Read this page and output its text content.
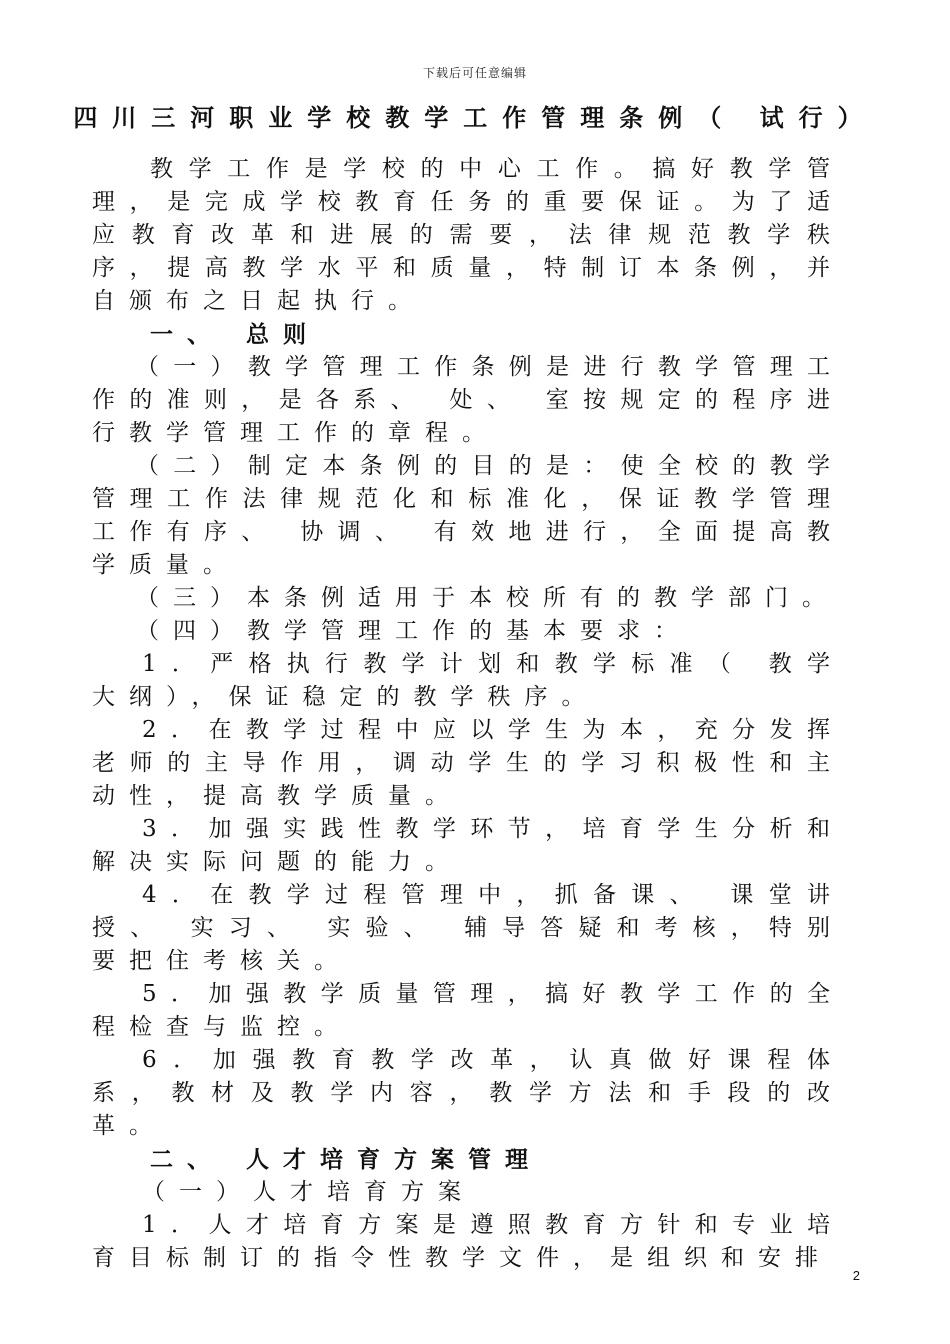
下载后可任意编辑
四川三河职业学校教学工作管理条例（ 试行）

教学工作是学校的中心工作。搞好教学管理，是完成学校教育任务的重要保证。为了适应教育改革和进展的需要，法律规范教学秩序，提高教学水平和质量，特制订本条例，并自颁布之日起执行。

一、 总则

（一）教学管理工作条例是进行教学管理工作的准则，是各系、 处、 室按规定的程序进行教学管理工作的章程。

（二）制定本条例的目的是：使全校的教学管理工作法律规范化和标准化，保证教学管理工作有序、 协调、 有效地进行，全面提高教学质量。

（三）本条例适用于本校所有的教学部门。

（四）教学管理工作的基本要求：

1．严格执行教学计划和教学标准（ 教学大纲），保证稳定的教学秩序。

2．在教学过程中应以学生为本，充分发挥老师的主导作用，调动学生的学习积极性和主动性，提高教学质量。

3．加强实践性教学环节，培育学生分析和解决实际问题的能力。

4．在教学过程管理中，抓备课、 课堂讲授、 实习、 实验、 辅导答疑和考核，特别要把住考核关。

5．加强教学质量管理，搞好教学工作的全程检查与监控。

6．加强教育教学改革，认真做好课程体系，教材及教学内容，教学方法和手段的改革。

二、 人才培育方案管理

（一）人才培育方案

1．人才培育方案是遵照教育方针和专业培育目标制订的指令性教学文件，是组织和安排

2
